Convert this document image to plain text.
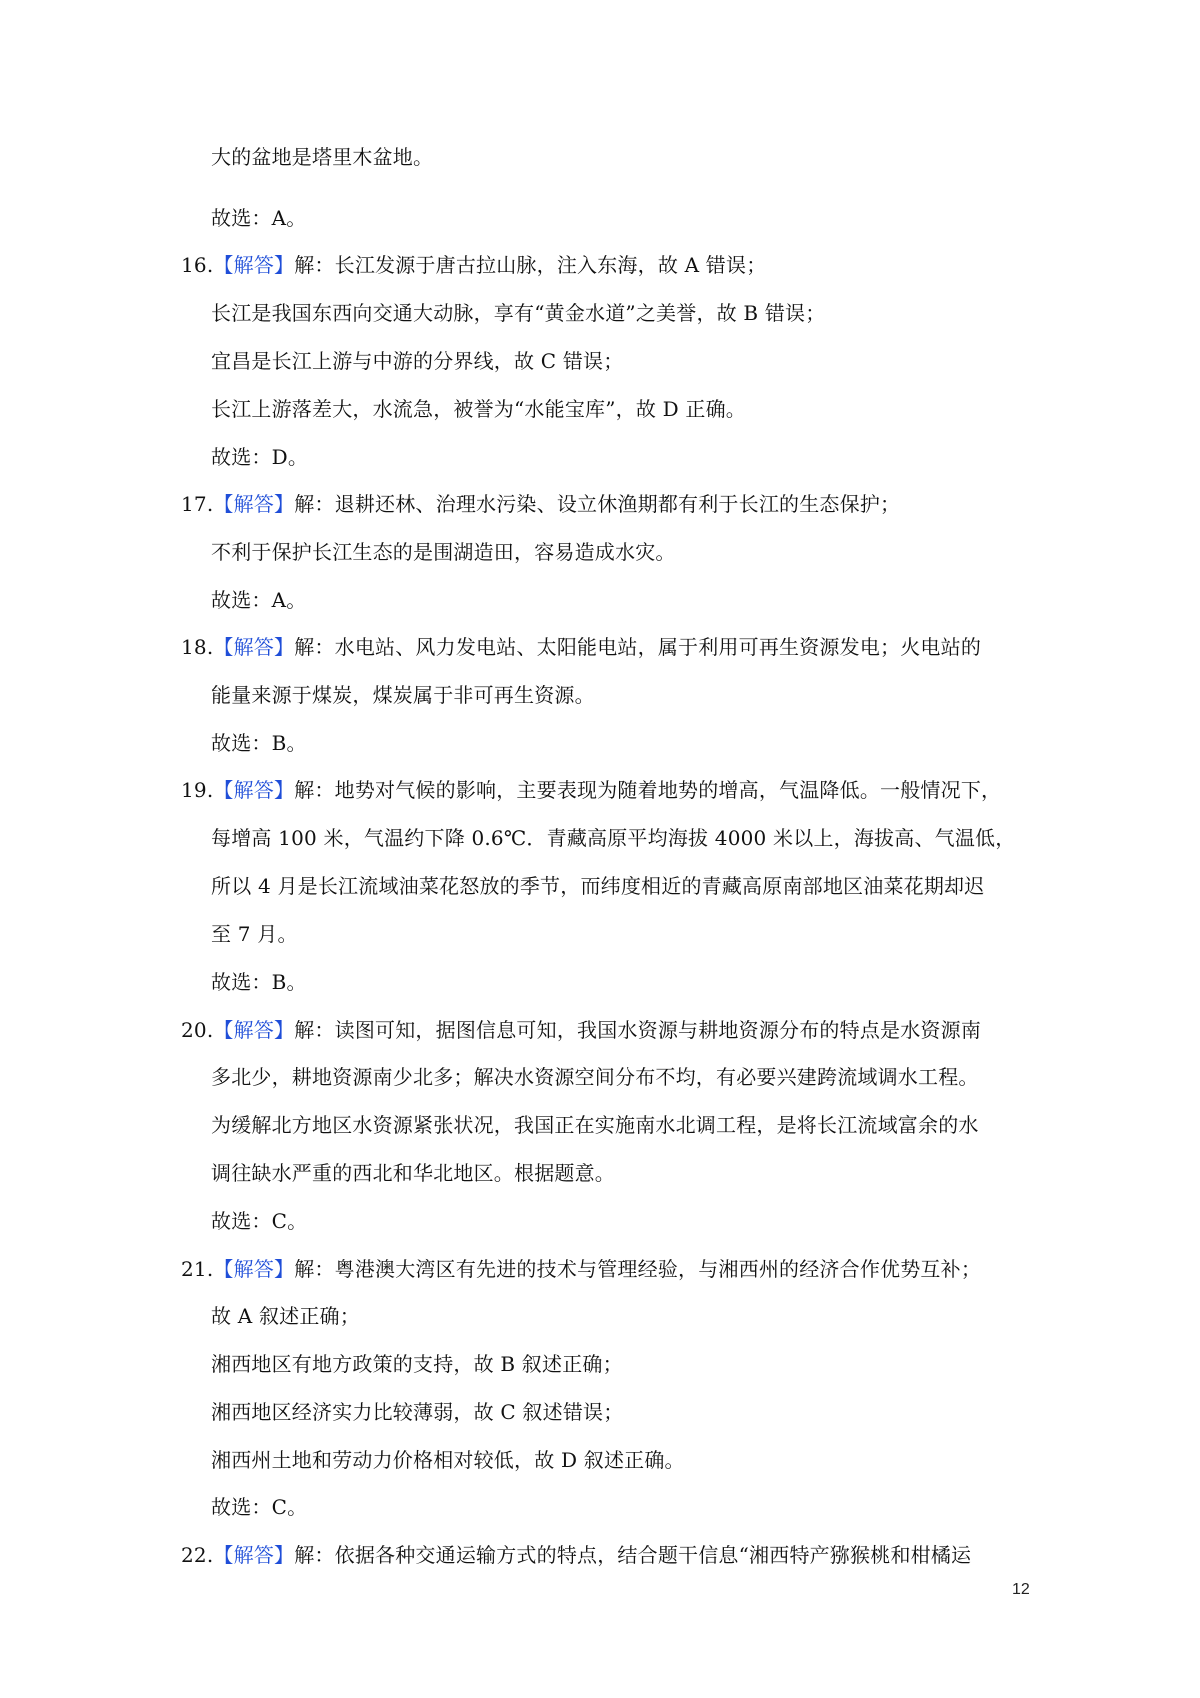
大的盆地是塔里木盆地。
故选：A。
16.【解答】解：长江发源于唐古拉山脉，注入东海，故 A 错误；
长江是我国东西向交通大动脉，享有“黄金水道”之美誉，故 B 错误；
宜昌是长江上游与中游的分界线，故 C 错误；
长江上游落差大，水流急，被誉为“水能宝库”，故 D 正确。
故选：D。
17.【解答】解：退耕还林、治理水污染、设立休渔期都有利于长江的生态保护；
不利于保护长江生态的是围湖造田，容易造成水灾。
故选：A。
18.【解答】解：水电站、风力发电站、太阳能电站，属于利用可再生资源发电；火电站的
能量来源于煤炭，煤炭属于非可再生资源。
故选：B。
19.【解答】解：地势对气候的影响，主要表现为随着地势的增高，气温降低。一般情况下，
每增高 100 米，气温约下降 0.6℃．青藏高原平均海拔 4000 米以上，海拔高、气温低，
所以 4 月是长江流域油菜花怒放的季节，而纬度相近的青藏高原南部地区油菜花期却迟
至 7 月。
故选：B。
20.【解答】解：读图可知，据图信息可知，我国水资源与耕地资源分布的特点是水资源南
多北少，耕地资源南少北多；解决水资源空间分布不均，有必要兴建跨流域调水工程。
为缓解北方地区水资源紧张状况，我国正在实施南水北调工程，是将长江流域富余的水
调往缺水严重的西北和华北地区。根据题意。
故选：C。
21.【解答】解：粤港澳大湾区有先进的技术与管理经验，与湘西州的经济合作优势互补；
故 A 叙述正确；
湘西地区有地方政策的支持，故 B 叙述正确；
湘西地区经济实力比较薄弱，故 C 叙述错误；
湘西州土地和劳动力价格相对较低，故 D 叙述正确。
故选：C。
22.【解答】解：依据各种交通运输方式的特点，结合题干信息“湘西特产猕猴桃和柑橘运
12
